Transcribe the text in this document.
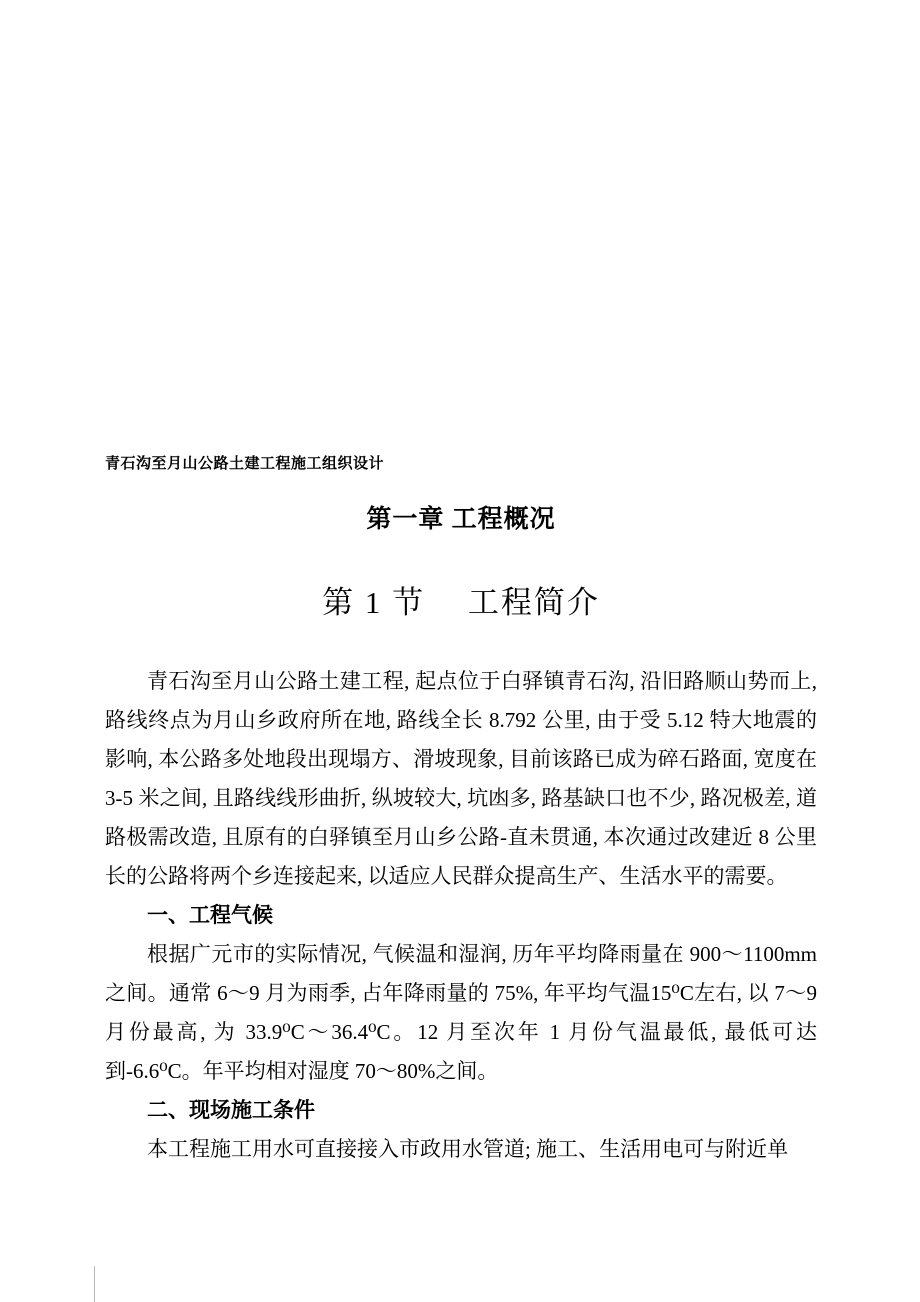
青石沟至月山公路土建工程施工组织设计
第一章 工程概况
第 1 节　 工程简介

青石沟至月山公路土建工程, 起点位于白驿镇青石沟, 沿旧路顺山势而上, 路线终点为月山乡政府所在地, 路线全长 8.792 公里, 由于受 5.12 特大地震的影响, 本公路多处地段出现塌方、滑坡现象, 目前该路已成为碎石路面, 宽度在 3-5 米之间, 且路线线形曲折, 纵坡较大, 坑凼多, 路基缺口也不少, 路况极差, 道路极需改造, 且原有的白驿镇至月山乡公路-直未贯通, 本次通过改建近 8 公里长的公路将两个乡连接起来, 以适应人民群众提高生产、生活水平的需要。

一、工程气候

根据广元市的实际情况, 气候温和湿润, 历年平均降雨量在 900～1100mm 之间。通常 6～9 月为雨季, 占年降雨量的 75%, 年平均气温15⁰C左右, 以 7～9 月份最高, 为 33.9⁰C～36.4⁰C。12 月至次年 1 月份气温最低, 最低可达到-6.6⁰C。年平均相对湿度 70～80%之间。

二、现场施工条件

本工程施工用水可直接接入市政用水管道; 施工、生活用电可与附近单
